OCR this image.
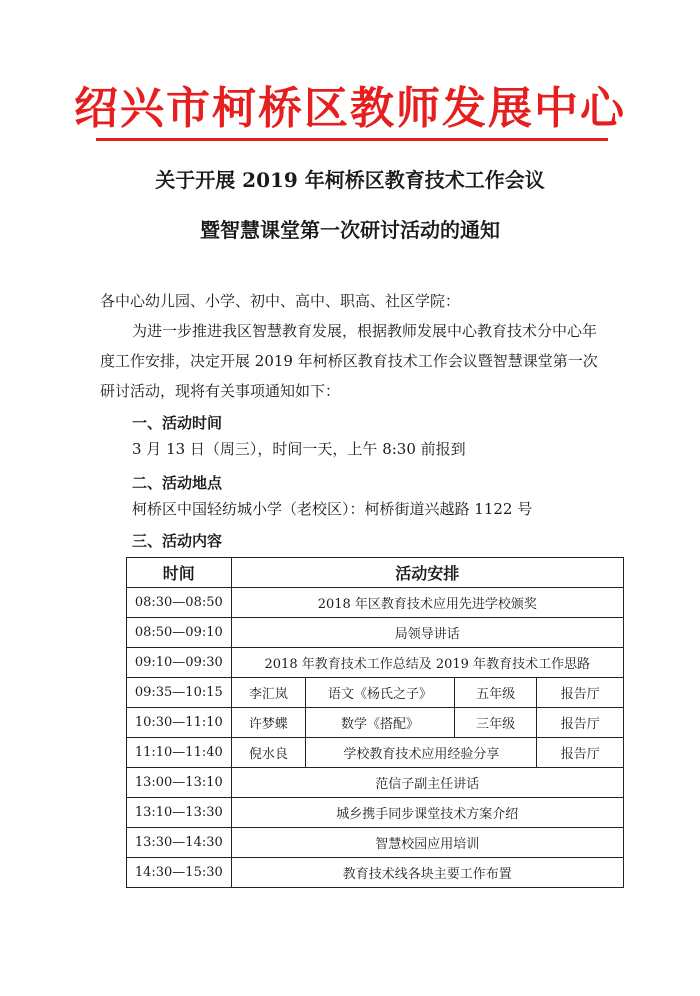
绍兴市柯桥区教师发展中心
关于开展 2019 年柯桥区教育技术工作会议
暨智慧课堂第一次研讨活动的通知
各中心幼儿园、小学、初中、高中、职高、社区学院：
为进一步推进我区智慧教育发展，根据教师发展中心教育技术分中心年
度工作安排，决定开展 2019 年柯桥区教育技术工作会议暨智慧课堂第一次
研讨活动，现将有关事项通知如下：
一、活动时间
3 月 13 日（周三），时间一天，上午 8:30 前报到
二、活动地点
柯桥区中国轻纺城小学（老校区）：柯桥街道兴越路 1122 号
三、活动内容
时间	活动安排			
08:30—08:50	2018 年区教育技术应用先进学校颁奖			
08:50—09:10	局领导讲话			
09:10—09:30	2018 年教育技术工作总结及 2019 年教育技术工作思路			
09:35—10:15	李汇岚	语文《杨氏之子》	五年级	报告厅
10:30—11:10	许梦蝶	数学《搭配》	三年级	报告厅
11:10—11:40	倪水良	学校教育技术应用经验分享		报告厅
13:00—13:10	范信子副主任讲话			
13:10—13:30	城乡携手同步课堂技术方案介绍			
13:30—14:30	智慧校园应用培训			
14:30—15:30	教育技术线各块主要工作布置			
